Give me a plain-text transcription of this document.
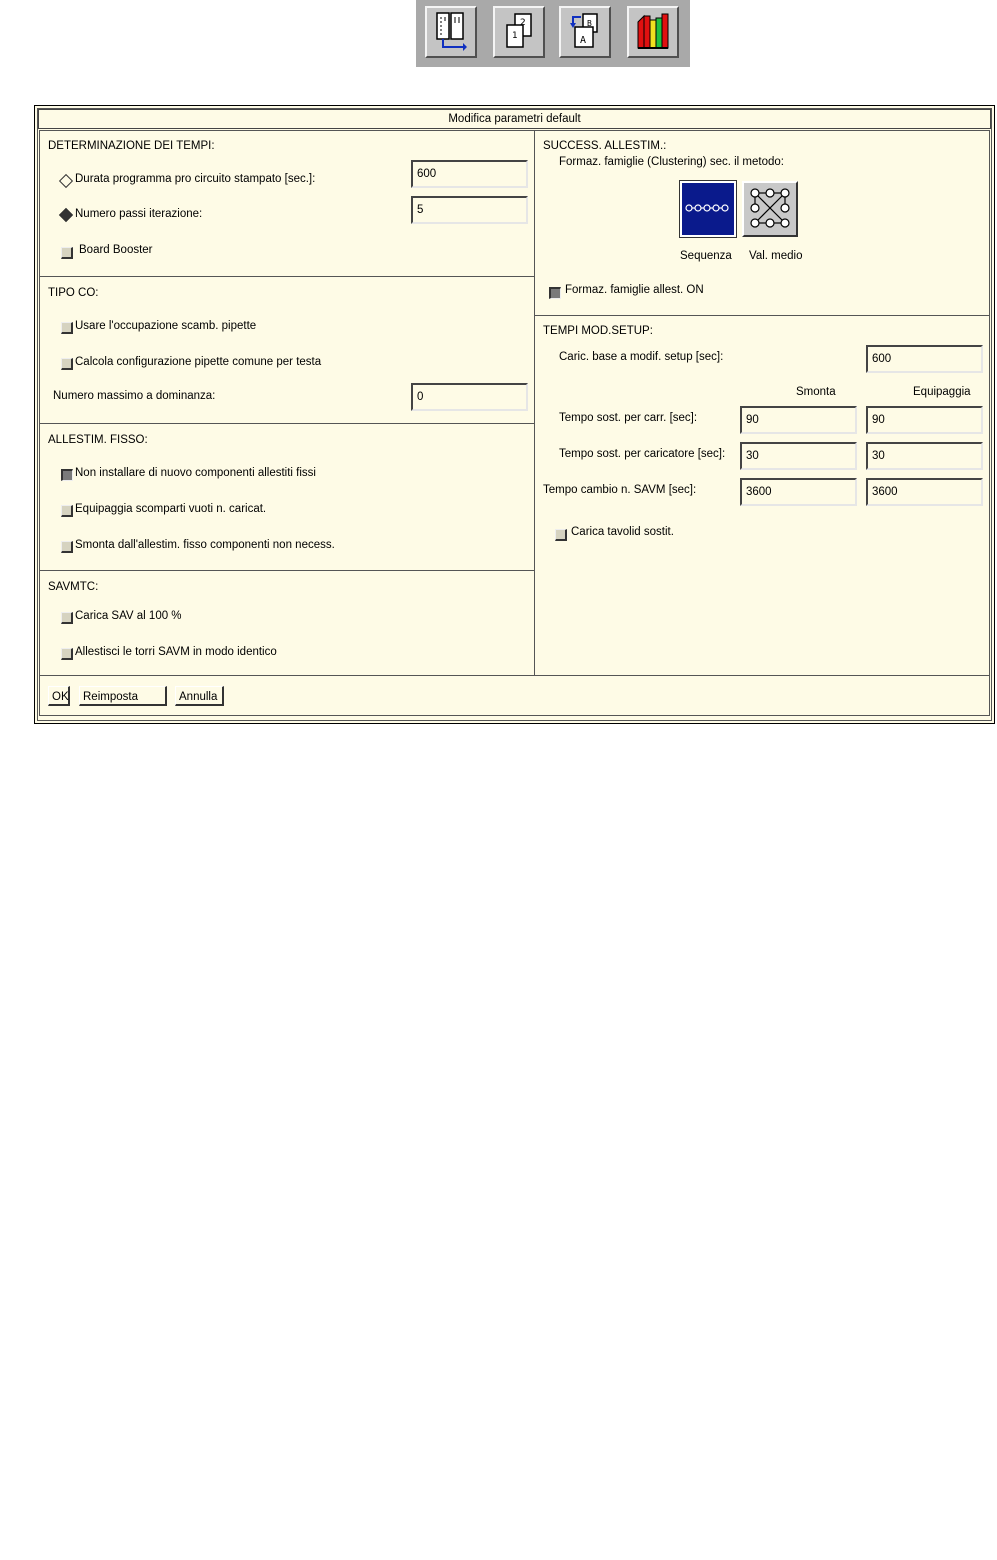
2
1	A
B
Modifica parametri default
DETERMINAZIONE DEI TEMPI:
Durata programma pro circuito stampato [sec.]:	600
Numero passi iterazione:	5
Board Booster
TIPO CO:
Usare l'occupazione scamb. pipette
Calcola configurazione pipette comune per testa
Numero massimo a dominanza:	0
ALLESTIM. FISSO:
Non installare di nuovo componenti allestiti fissi
Equipaggia scomparti vuoti n. caricat.
Smonta dall'allestim. fisso componenti non necess.
SAVMTC:
Carica SAV al 100 %
Allestisci le torri SAVM in modo identico
SUCCESS. ALLESTIM.:
Formaz. famiglie (Clustering) sec. il metodo:
Sequenza Val. medio
Formaz. famiglie allest. ON
TEMPI MOD.SETUP:
Caric. base a modif. setup [sec]:	600
Smonta	Equipaggia
Tempo sost. per carr. [sec]:	90	90
Tempo sost. per caricatore [sec]:	30	30
Tempo cambio n. SAVM [sec]:	3600	3600
Carica tavolid sostit.
OK	Reimposta	Annulla
